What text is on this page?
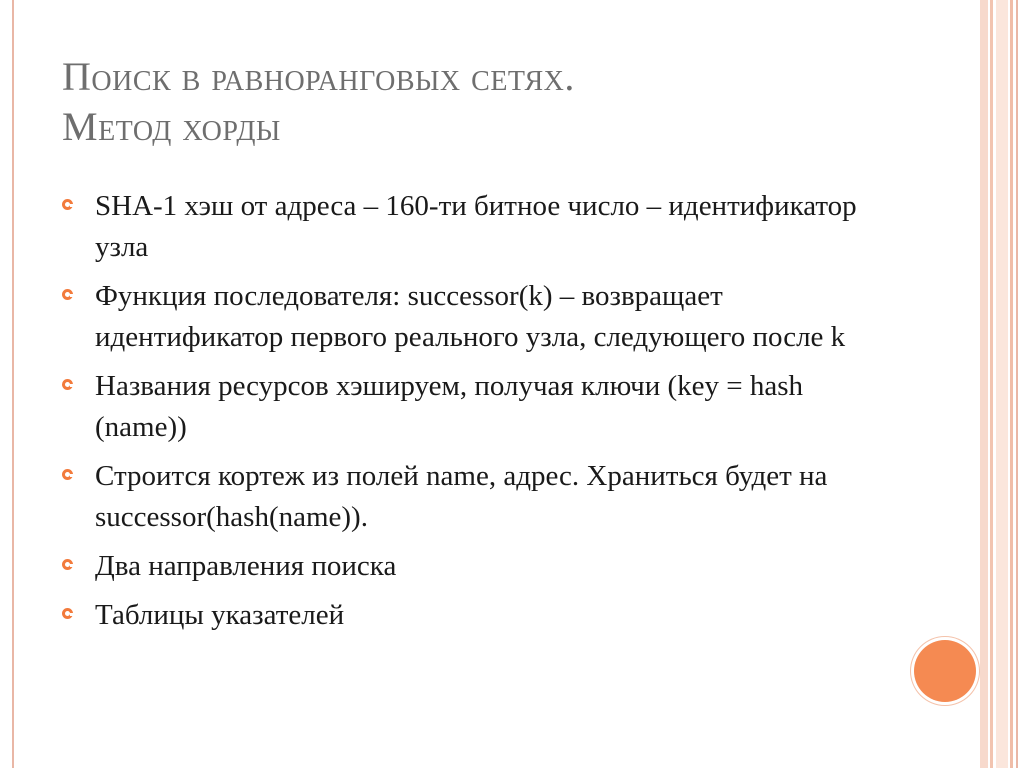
Поиск в равноранговых сетях.
Метод хорды
SHA-1 хэш от адреса – 160-ти битное число – идентификатор узла
Функция последователя: successor(k) – возвращает идентификатор первого реального узла, следующего после k
Названия ресурсов хэшируем, получая ключи (key = hash (name))
Строится кортеж из полей name, адрес. Храниться будет на successor(hash(name)).
Два направления поиска
Таблицы указателей
